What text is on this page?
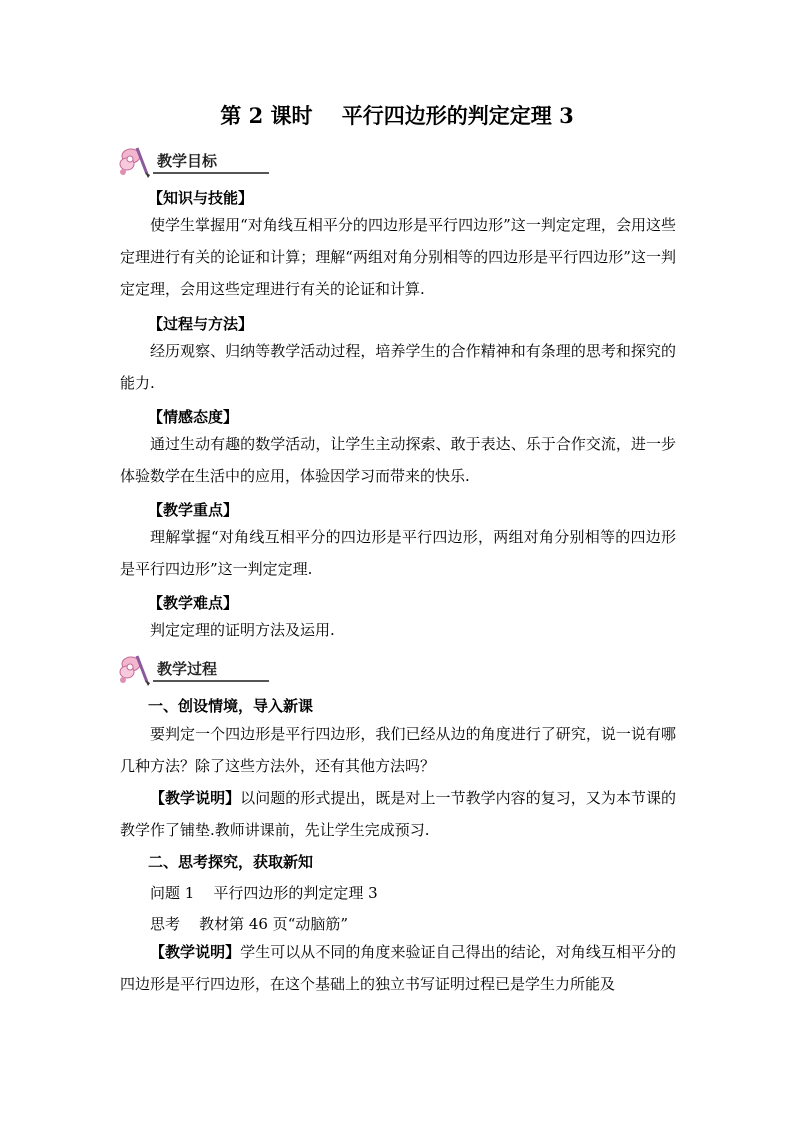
第 2 课时    平行四边形的判定定理 3
教学目标
【知识与技能】
使学生掌握用“对角线互相平分的四边形是平行四边形”这一判定定理，会用这些定理进行有关的论证和计算；理解“两组对角分别相等的四边形是平行四边形”这一判定定理，会用这些定理进行有关的论证和计算.
【过程与方法】
经历观察、归纳等教学活动过程，培养学生的合作精神和有条理的思考和探究的能力.
【情感态度】
通过生动有趣的数学活动，让学生主动探索、敢于表达、乐于合作交流，进一步体验数学在生活中的应用，体验因学习而带来的快乐.
【教学重点】
理解掌握“对角线互相平分的四边形是平行四边形，两组对角分别相等的四边形是平行四边形”这一判定定理.
【教学难点】
判定定理的证明方法及运用.
教学过程
一、创设情境，导入新课
要判定一个四边形是平行四边形，我们已经从边的角度进行了研究，说一说有哪几种方法？除了这些方法外，还有其他方法吗？
【教学说明】以问题的形式提出，既是对上一节教学内容的复习，又为本节课的教学作了铺垫.教师讲课前，先让学生完成预习.
二、思考探究，获取新知
问题 1    平行四边形的判定定理 3
思考    教材第 46 页“动脑筋”
【教学说明】学生可以从不同的角度来验证自己得出的结论，对角线互相平分的四边形是平行四边形，在这个基础上的独立书写证明过程已是学生力所能及
